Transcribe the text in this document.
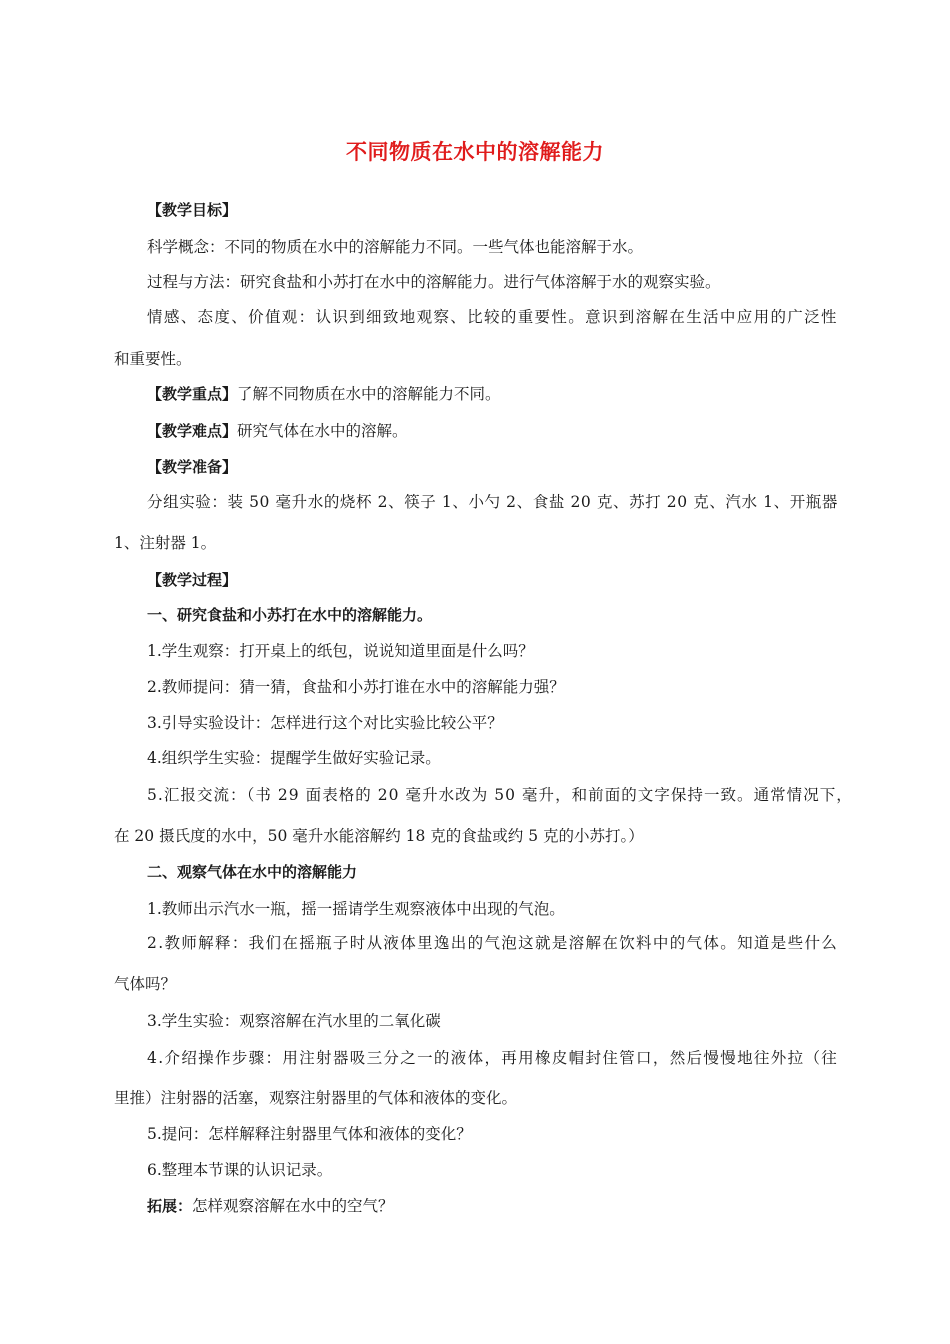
不同物质在水中的溶解能力
【教学目标】
科学概念：不同的物质在水中的溶解能力不同。一些气体也能溶解于水。
过程与方法：研究食盐和小苏打在水中的溶解能力。进行气体溶解于水的观察实验。
情感、态度、价值观：认识到细致地观察、比较的重要性。意识到溶解在生活中应用的广泛性
和重要性。
【教学重点】了解不同物质在水中的溶解能力不同。
【教学难点】研究气体在水中的溶解。
【教学准备】
分组实验：装 50 毫升水的烧杯 2、筷子 1、小勺 2、食盐 20 克、苏打 20 克、汽水 1、开瓶器
1、注射器 1。
【教学过程】
一、研究食盐和小苏打在水中的溶解能力。
1.学生观察：打开桌上的纸包，说说知道里面是什么吗？
2.教师提问：猜一猜，食盐和小苏打谁在水中的溶解能力强？
3.引导实验设计：怎样进行这个对比实验比较公平？
4.组织学生实验：提醒学生做好实验记录。
5.汇报交流：（书 29 面表格的 20 毫升水改为 50 毫升，和前面的文字保持一致。通常情况下，
在 20 摄氏度的水中，50 毫升水能溶解约 18 克的食盐或约 5 克的小苏打。）
二、观察气体在水中的溶解能力
1.教师出示汽水一瓶，摇一摇请学生观察液体中出现的气泡。
2.教师解释：我们在摇瓶子时从液体里逸出的气泡这就是溶解在饮料中的气体。知道是些什么
气体吗？
3.学生实验：观察溶解在汽水里的二氧化碳
4.介绍操作步骤：用注射器吸三分之一的液体，再用橡皮帽封住管口，然后慢慢地往外拉（往
里推）注射器的活塞，观察注射器里的气体和液体的变化。
5.提问：怎样解释注射器里气体和液体的变化？
6.整理本节课的认识记录。
拓展：怎样观察溶解在水中的空气？
